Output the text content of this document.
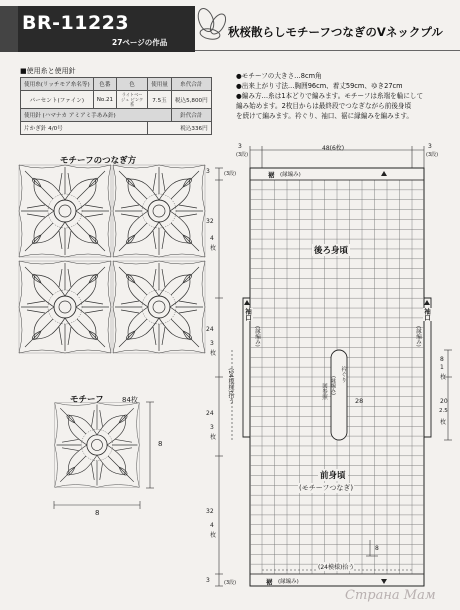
BR-11223
27ページの作品
秋桜散らしモチーフつなぎのVネックプル
■使用糸と使用針
使用糸(リッチモア糸名等)	色番	色	使用量	糸代合計
パーセント(ファイン)	No.21	ライトベージュ ピンク系	7.5玉	税込5,800円
使用針 (ハマナカ アミアミ手あみ針)				針代合計
片かぎ針 4/0号			税込336円	
●モチーフの大きさ…8cm角
●出来上がり寸法…胸囲96cm、着丈59cm、ゆき27cm
●編み方…糸は1本どりで編みます。モチーフは糸端を輪にして
編み始めます。2枚目からは最終段でつなぎながら前後身頃
を続けて編みます。衿ぐり、袖口、裾に縁編みを編みます。
モチーフのつなぎ方
モチーフ	84枚
8
8
3
(3段)
48(6枚)	3
(3段)
裾 (縁編み)
後ろ身頃
前身頃
(モチーフつなぎ)
裾 (縁編み)
(24模様)拾う
衿ぐり
(縁編み)
図参照
28
袖口
(縁編み)
袖口
(縁編み)
(24模様)拾う
3	(3段)
32
4
枚
24
3
枚
24
3
枚
32
4
枚
3	(3段)
8
1
枚
20
2.5
枚
8
Страна Мам
